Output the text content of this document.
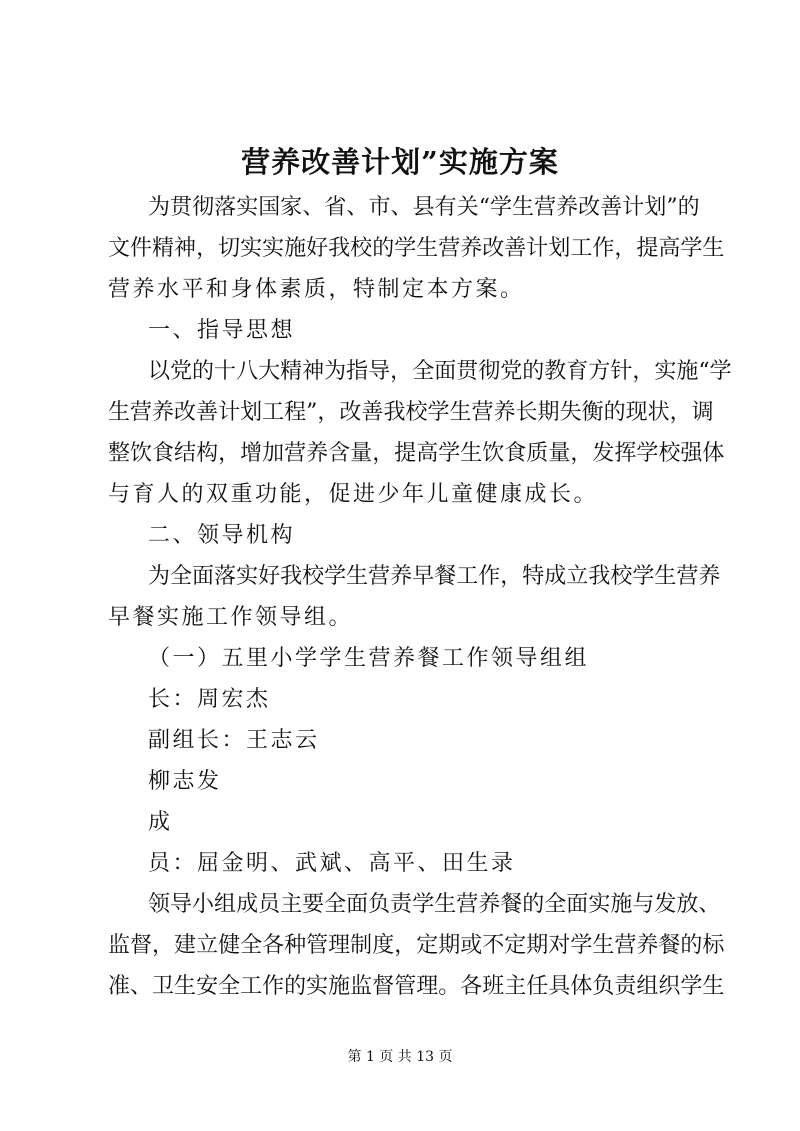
营养改善计划”实施方案
为 贯 彻 落 实 国 家 、 省 、 市 、 县 有 关 “ 学 生 营 养 改 善 计 划 ” 的
文 件 精 神 ， 切 实 实 施 好 我 校 的 学 生 营 养 改 善 计 划 工 作 ， 提 高 学 生
营养水平和身体素质，特制定本方案。
一、指导思想
以 党 的 十 八 大 精 神 为 指 导 ， 全 面 贯 彻 党 的 教 育 方 针 ， 实 施 “ 学
生 营 养 改 善 计 划 工 程 ” ， 改 善 我 校 学 生 营 养 长 期 失 衡 的 现 状 ， 调
整 饮 食 结 构 ， 增 加 营 养 含 量 ， 提 高 学 生 饮 食 质 量 ， 发 挥 学 校 强 体
与育人的双重功能，促进少年儿童健康成长。
二、领导机构
为 全 面 落 实 好 我 校 学 生 营 养 早 餐 工 作 ， 特 成 立 我 校 学 生 营 养
早餐实施工作领导组。
（一）五里小学学生营养餐工作领导组组
长：周宏杰
副组长：王志云
柳志发
成
员：屈金明、武斌、高平、田生录
领 导 小 组 成 员 主 要 全 面 负 责 学 生 营 养 餐 的 全 面 实 施 与 发 放 、
监 督 ， 建 立 健 全 各 种 管 理 制 度 ， 定 期 或 不 定 期 对 学 生 营 养 餐 的 标
准 、 卫 生 安 全 工 作 的 实 施 监 督 管 理 。 各 班 主 任 具 体 负 责 组 织 学 生
第 1 页 共 13 页
